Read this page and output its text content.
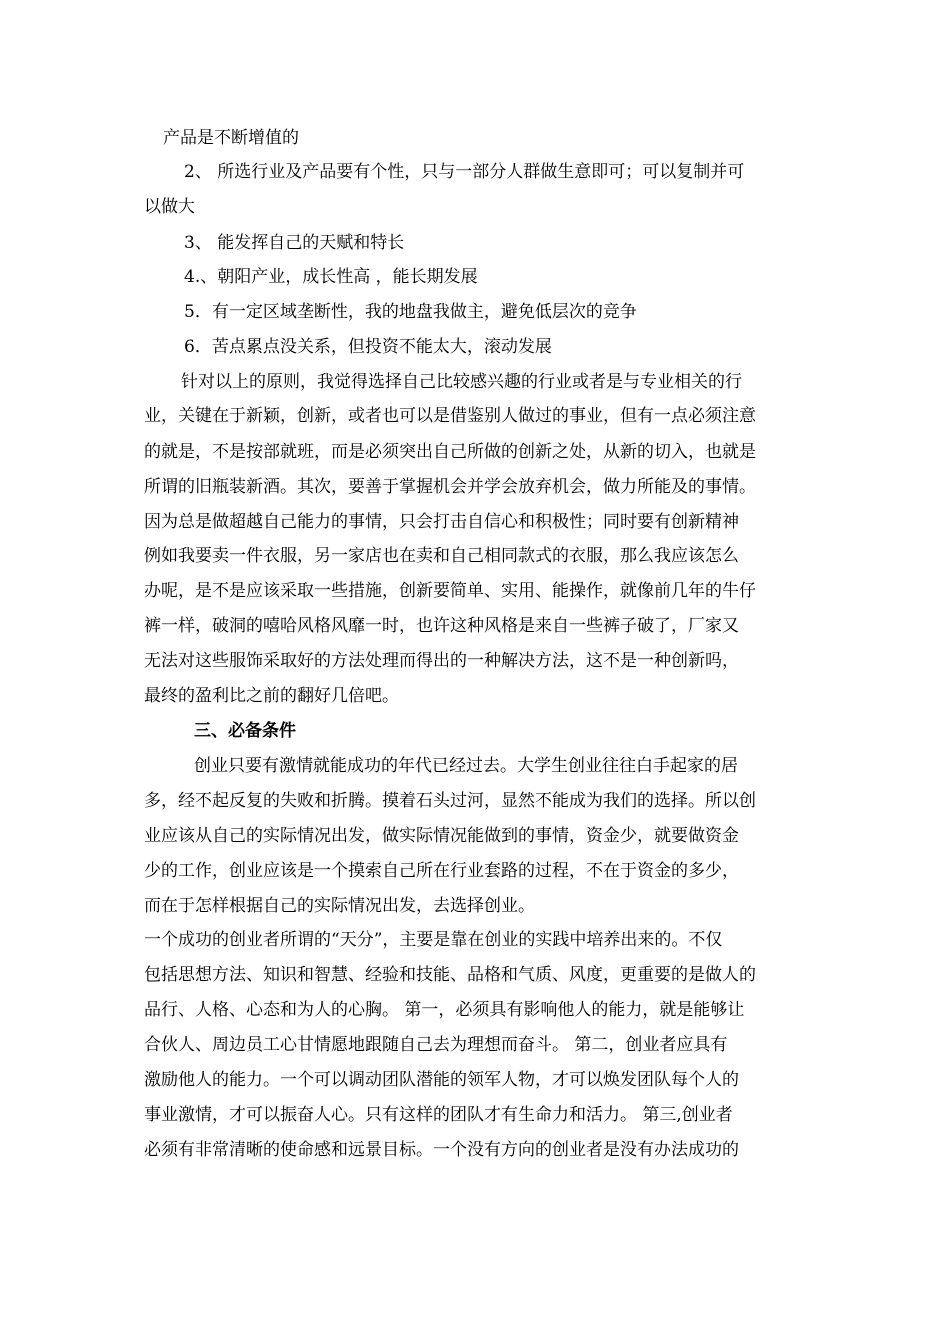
产品是不断增值的
2、 所选行业及产品要有个性，只与一部分人群做生意即可；可以复制并可
以做大
3、 能发挥自己的天赋和特长
4.、朝阳产业，成长性高 ，能长期发展
5．有一定区域垄断性，我的地盘我做主，避免低层次的竞争
6．苦点累点没关系，但投资不能太大，滚动发展
针对以上的原则，我觉得选择自己比较感兴趣的行业或者是与专业相关的行
业，关键在于新颖，创新，或者也可以是借鉴别人做过的事业，但有一点必须注意
的就是，不是按部就班，而是必须突出自己所做的创新之处，从新的切入，也就是
所谓的旧瓶装新酒。其次，要善于掌握机会并学会放弃机会，做力所能及的事情。
因为总是做超越自己能力的事情，只会打击自信心和积极性；同时要有创新精神
例如我要卖一件衣服，另一家店也在卖和自己相同款式的衣服，那么我应该怎么
办呢，是不是应该采取一些措施，创新要简单、实用、能操作，就像前几年的牛仔
裤一样，破洞的嘻哈风格风靡一时，也许这种风格是来自一些裤子破了，厂家又
无法对这些服饰采取好的方法处理而得出的一种解决方法，这不是一种创新吗，
最终的盈利比之前的翻好几倍吧。
三、必备条件
创业只要有激情就能成功的年代已经过去。大学生创业往往白手起家的居
多，经不起反复的失败和折腾。摸着石头过河，显然不能成为我们的选择。所以创
业应该从自己的实际情况出发，做实际情况能做到的事情，资金少，就要做资金
少的工作，创业应该是一个摸索自己所在行业套路的过程，不在于资金的多少，
而在于怎样根据自己的实际情况出发，去选择创业。
一个成功的创业者所谓的“天分”，主要是靠在创业的实践中培养出来的。不仅
包括思想方法、知识和智慧、经验和技能、品格和气质、风度，更重要的是做人的
品行、人格、心态和为人的心胸。 第一，必须具有影响他人的能力，就是能够让
合伙人、周边员工心甘情愿地跟随自己去为理想而奋斗。 第二，创业者应具有
激励他人的能力。一个可以调动团队潜能的领军人物，才可以焕发团队每个人的
事业激情，才可以振奋人心。只有这样的团队才有生命力和活力。 第三,创业者
必须有非常清晰的使命感和远景目标。一个没有方向的创业者是没有办法成功的
